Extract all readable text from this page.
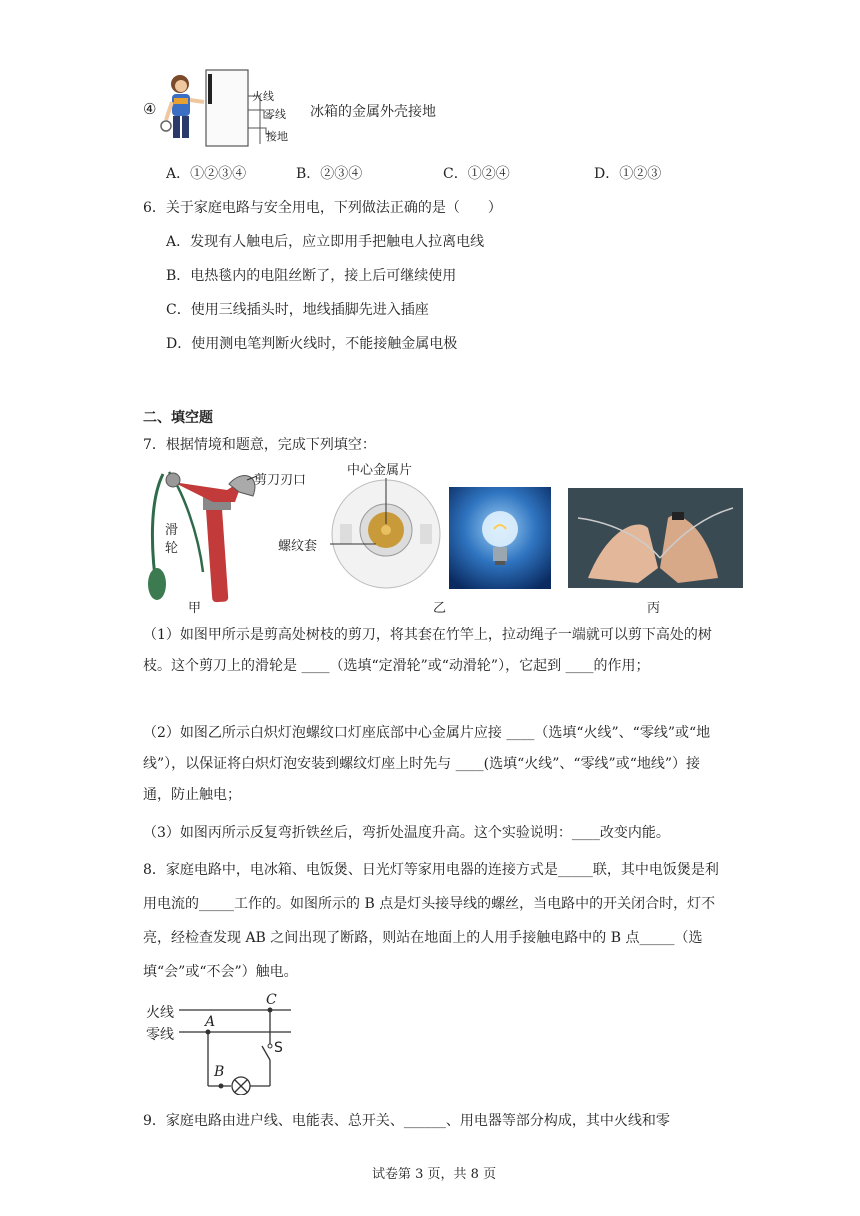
④
火线
零线
接地
冰箱的金属外壳接地
A．①②③④	B．②③④	C．①②④	D．①②③
6．关于家庭电路与安全用电，下列做法正确的是（　　）
A．发现有人触电后，应立即用手把触电人拉离电线
B．电热毯内的电阻丝断了，接上后可继续使用
C．使用三线插头时，地线插脚先进入插座
D．使用测电笔判断火线时，不能接触金属电极
二、填空题
7．根据情境和题意，完成下列填空：
剪刀刃口
滑
轮
甲
中心金属片
螺纹套
乙	丙
（1）如图甲所示是剪高处树枝的剪刀，将其套在竹竿上，拉动绳子一端就可以剪下高处的树枝。这个剪刀上的滑轮是 ____（选填“定滑轮”或“动滑轮”），它起到 ____的作用；
（2）如图乙所示白炽灯泡螺纹口灯座底部中心金属片应接 ____（选填“火线”、“零线”或“地线”），以保证将白炽灯泡安装到螺纹灯座上时先与 ____(选填“火线”、“零线”或“地线”）接通，防止触电；
（3）如图丙所示反复弯折铁丝后，弯折处温度升高。这个实验说明：____改变内能。
8．家庭电路中，电冰箱、电饭煲、日光灯等家用电器的连接方式是_____联，其中电饭煲是利用电流的_____工作的。如图所示的 B 点是灯头接导线的螺丝，当电路中的开关闭合时，灯不亮，经检查发现 AB 之间出现了断路，则站在地面上的人用手接触电路中的 B 点_____（选填“会”或“不会”）触电。
火线
零线
A
C
B
S
9．家庭电路由进户线、电能表、总开关、______、用电器等部分构成，其中火线和零
试卷第 3 页，共 8 页
